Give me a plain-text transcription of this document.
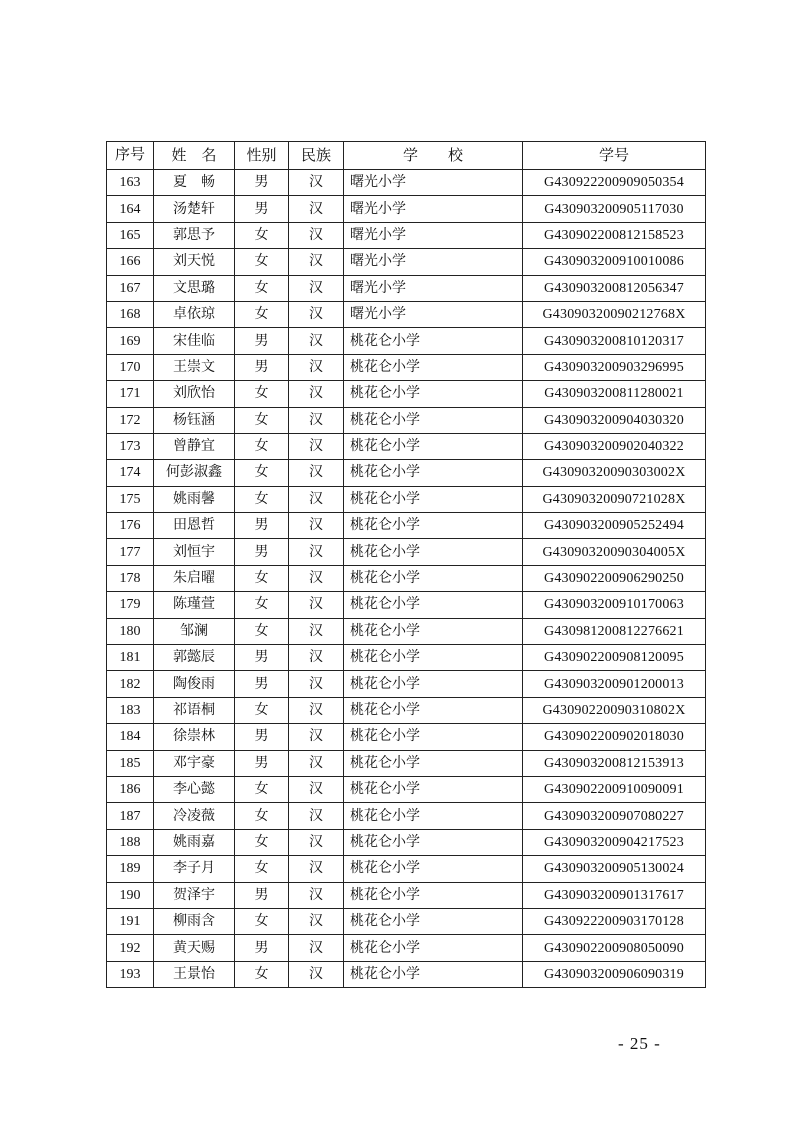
序号	姓　名	性别	民族	学　　校	学号
163	夏　畅	男	汉	曙光小学	G430922200909050354
164	汤楚轩	男	汉	曙光小学	G430903200905117030
165	郭思予	女	汉	曙光小学	G430902200812158523
166	刘天悦	女	汉	曙光小学	G430903200910010086
167	文思璐	女	汉	曙光小学	G430903200812056347
168	卓依琼	女	汉	曙光小学	G43090320090212768X
169	宋佳临	男	汉	桃花仑小学	G430903200810120317
170	王崇文	男	汉	桃花仑小学	G430903200903296995
171	刘欣怡	女	汉	桃花仑小学	G430903200811280021
172	杨钰涵	女	汉	桃花仑小学	G430903200904030320
173	曾静宜	女	汉	桃花仑小学	G430903200902040322
174	何彭淑鑫	女	汉	桃花仑小学	G43090320090303002X
175	姚雨馨	女	汉	桃花仑小学	G43090320090721028X
176	田恩哲	男	汉	桃花仑小学	G430903200905252494
177	刘恒宇	男	汉	桃花仑小学	G43090320090304005X
178	朱启曜	女	汉	桃花仑小学	G430902200906290250
179	陈瑾萱	女	汉	桃花仑小学	G430903200910170063
180	邹澜	女	汉	桃花仑小学	G430981200812276621
181	郭懿辰	男	汉	桃花仑小学	G430902200908120095
182	陶俊雨	男	汉	桃花仑小学	G430903200901200013
183	祁语桐	女	汉	桃花仑小学	G43090220090310802X
184	徐崇林	男	汉	桃花仑小学	G430902200902018030
185	邓宇豪	男	汉	桃花仑小学	G430903200812153913
186	李心懿	女	汉	桃花仑小学	G430902200910090091
187	冷凌薇	女	汉	桃花仑小学	G430903200907080227
188	姚雨嘉	女	汉	桃花仑小学	G430903200904217523
189	李子月	女	汉	桃花仑小学	G430903200905130024
190	贺泽宇	男	汉	桃花仑小学	G430903200901317617
191	柳雨含	女	汉	桃花仑小学	G430922200903170128
192	黄天赐	男	汉	桃花仑小学	G430902200908050090
193	王景怡	女	汉	桃花仑小学	G430903200906090319
- 25 -
